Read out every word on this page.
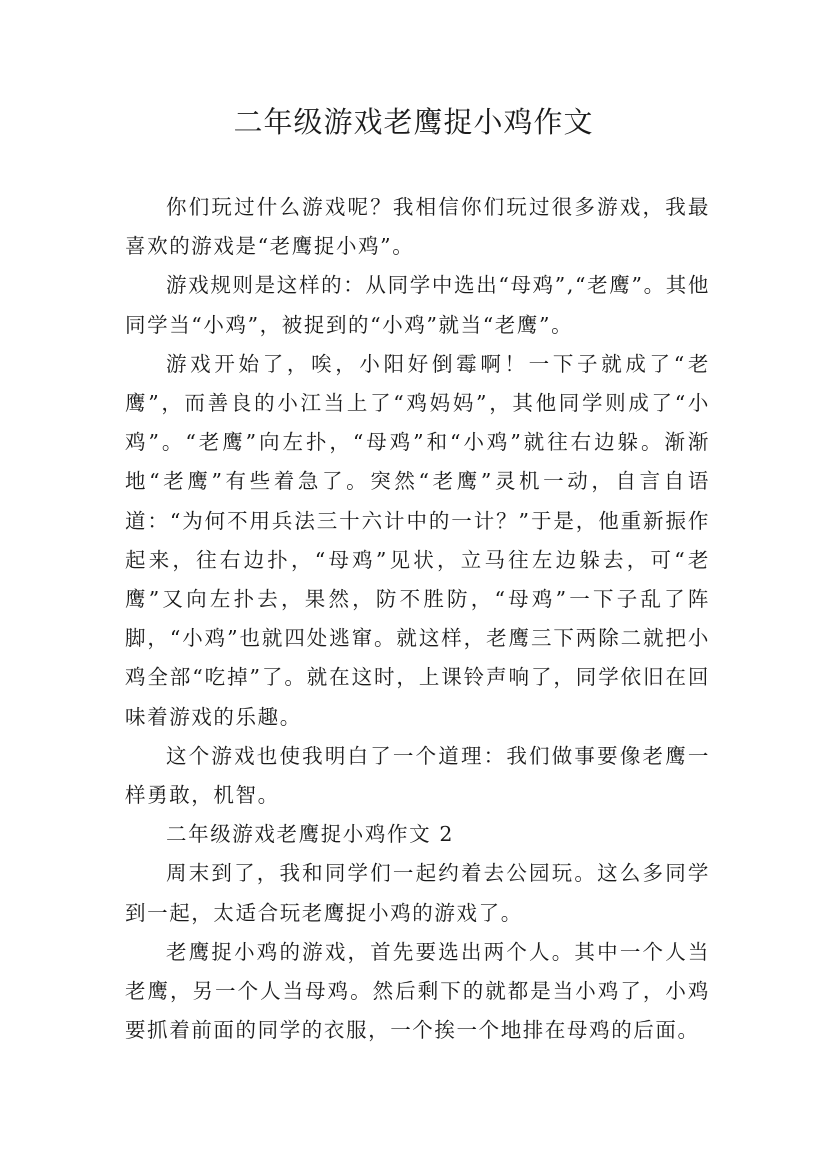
二年级游戏老鹰捉小鸡作文

你们玩过什么游戏呢？我相信你们玩过很多游戏，我最喜欢的游戏是“老鹰捉小鸡”。

游戏规则是这样的：从同学中选出“母鸡”,“老鹰”。其他同学当“小鸡”，被捉到的“小鸡”就当“老鹰”。

游戏开始了，唉，小阳好倒霉啊！一下子就成了“老鹰”，而善良的小江当上了“鸡妈妈”，其他同学则成了“小鸡”。“老鹰”向左扑，“母鸡”和“小鸡”就往右边躲。渐渐地“老鹰”有些着急了。突然“老鹰”灵机一动，自言自语道：“为何不用兵法三十六计中的一计？”于是，他重新振作起来，往右边扑，“母鸡”见状，立马往左边躲去，可“老鹰”又向左扑去，果然，防不胜防，“母鸡”一下子乱了阵脚，“小鸡”也就四处逃窜。就这样，老鹰三下两除二就把小鸡全部“吃掉”了。就在这时，上课铃声响了，同学依旧在回味着游戏的乐趣。

这个游戏也使我明白了一个道理：我们做事要像老鹰一样勇敢，机智。

二年级游戏老鹰捉小鸡作文 2

周末到了，我和同学们一起约着去公园玩。这么多同学到一起，太适合玩老鹰捉小鸡的游戏了。

老鹰捉小鸡的游戏，首先要选出两个人。其中一个人当老鹰，另一个人当母鸡。然后剩下的就都是当小鸡了，小鸡要抓着前面的同学的衣服，一个挨一个地排在母鸡的后面。
